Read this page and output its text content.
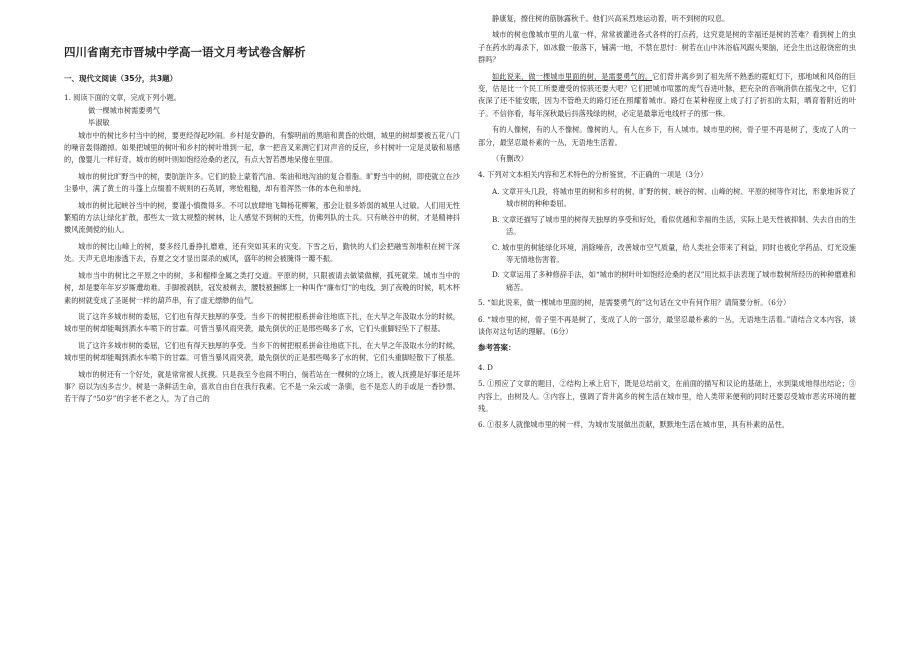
四川省南充市晋城中学高一语文月考试卷含解析
一、现代文阅读（35分，共3题）
1. 阅读下面的文章，完成下列小题。
做一棵城市树需要勇气
毕淑敏

城市中的树比乡村当中的树，要更经得起吵闹。乡村是安静的，有黎明前的黑暗和黄昏的炊烟，城里的树却要被五花八门的噪音轰得蹭掉。如果把城里的树叶和乡村的树叶堆到一起，拿一把音叉来测它们对声音的反应，乡村树叶一定是灵敏和易感的，像婴儿一样好奇。城市的树叶则如饱经沧桑的老汉，有点大智若愚地呆傻在里面。

城市的树比旷野当中的树，要肮脏许多。它们的脸上蒙着汽油、柴油和地沟油的复合着脂。旷野当中的树，即使就立在沙尘暴中，满了黄土的斗篷上点缀着不规则的石英屑，寒怆粗糙，却有着浑然一体的本色和单纯。

城市的树比起峡谷当中的树，要谨小慎微得多。不可以放肆地飞舞杨花柳絮，那会让很多娇弱的城里人过敏。人们用无性繁殖的方法让绿化扩散，那些太一致太规整的树林，让人感觉不到树的天性，仿佛列队的士兵。只有峡谷中的树，才是精神抖擞风流倜傥的仙人。

城市的树比山峰上的树，要多经几番挣扎磨难，还有突如其来的灾变。下雪之后，勤快的人们会把融雪剂堆积在树干深处。天声无息地渗透下去，吞夏之交才显出谋杀的威风，盛年的树会被腌得一瓣不振。

城市当中的树比之平原之中的树，多和榴棒金属之类打交道。平原的树，只限被请去做梁做檩，孤死就荣。城市当中的树，却是要年年岁岁厮遭劫难。手脚被剥肤，冠发被剃去，腰肢被捆绑上一种叫作“廉布灯”的电线，到了夜晚的时候，叽木杯素的树就变成了圣诞树一样的葫芦串，有了虚无缥缈的仙气。

说了这许多城市树的委屈，它们也有得天独厚的享受。当乡下的树把根系拼命往地底下扎，在大旱之年汲取水分的时候，城市里的树却能喝到洒水车喷下的甘霖。可惜当暴风雨突袭，最先倒伏的正是邢些喝多了水，它们头重脚轻坠下了根基。

说了这许多城市树的委屈，它们也有得天独厚的享受。当乡下的树把根系拼命往地底下扎，在大旱之年汲取水分的时候，城市里的树却能喝到洒水车喷下的甘霖。可惜当暴风雨突袭，最先倒伏的正是那些喝多了水的树，它们头重脚轻散下了根基。

城市的树还有一个好处，就是常常被人抚摸。只是我至今也闹不明白，倘若站在一棵树的立场上，被人抚摸是好事还是坏事？窃以为凶多吉少。树是一条鲜活生命，喜欢自由自在我行我素。它不是一朵云或一条驯，也不是恋人的手或是一香钞票。若干得了“50岁”的字老不老之人，为了自己的

静康复，擦住树的筋脉露秋千。他们兴高采烈地运动着，听不到树的叹息。

城市的树也像城市里的儿童一样，常常被灌进各式各样的打点药，这究竟是树的幸福还是树的苦难？看到树上的虫子在药水的毒杀下，如冰撒一般落下，铺满一地，不禁在思忖：树若在山中沐浴临风踞头果脑，还会生出这般饶密的虫群吗？

如此说来，做一棵城市里面的树，是需要勇气的。它们背井离乡到了祖先所不熟悉的霓虹灯下，那地域和风俗的巨变，估是比一个民工所要遭受的惊骇还要大吧？它们把城市喧嚣的废气吞进叶脉，把充杂的音响消供在摇曳之中，它们夜深了还不能安眠，因为不管绝天的路灯还在照耀着城市。路灯在某种程度上成了打了折扣的太阳，晒育着附近的叶子。不信你看，每年深秋最后抖落残绿的树，必定是最靠近电线杆子的那一株。

有的人像树，有的人不像树。像树的人，有人在乡下，有人城市。城市里的树，骨子里不再是树了，变成了人的一部分，最坚忍最朴素的一丛，无语地生活着。

（有删改）

4. 下列对文本相关内容和艺术特色的分析鉴赏，不正确的一项是（3分）

A. 文章开头几段，将城市里的树和乡村的树、旷野的树、峡谷的树、山峰的树、平原的树等作对比，形象地诉说了城市树的种种委屈。

B. 文章还描写了城市里的树得天独厚的享受和好处，看似优越和幸福的生活，实际上是天性被抑制、失去自由的生活。

C. 城市里的树能绿化环境，消除噪音，改善城市空气质量，给人类社会带来了利益，同时也被化学药品、灯光设施等无情地伤害着。

D. 文章运用了多种修辞手法，如“城市的树叶叶如饱经沧桑的老汉”用比拟手法表现了城市数树所经历的种种磨难和痛苦。

5. “如此说来，做一棵城市里面的树，是需要勇气的”这句话在文中有何作用？请简要分析。（6分）

6. “城市里的树，骨子里不再是树了，变成了人的一部分，最坚忍最朴素的一丛，无语地生活着。”请结合文本内容，谈谈你对这句话的理解。（6分）

参考答案：

4. D

5. ①照应了文章的题目，②结构上承上启下，既是总结前文，在前面的描写和议论的基础上，水到渠成地得出结论；③内容上，由树及人。③内容上，强调了背井离乡的树生活在城市里，给人类带来便利的同时还要忍受城市恶劣环境的摧残。

6. ①很多人就像城市里的树一样，为城市发展做出贡献，默默地生活在城市里，具有朴素的品性，
